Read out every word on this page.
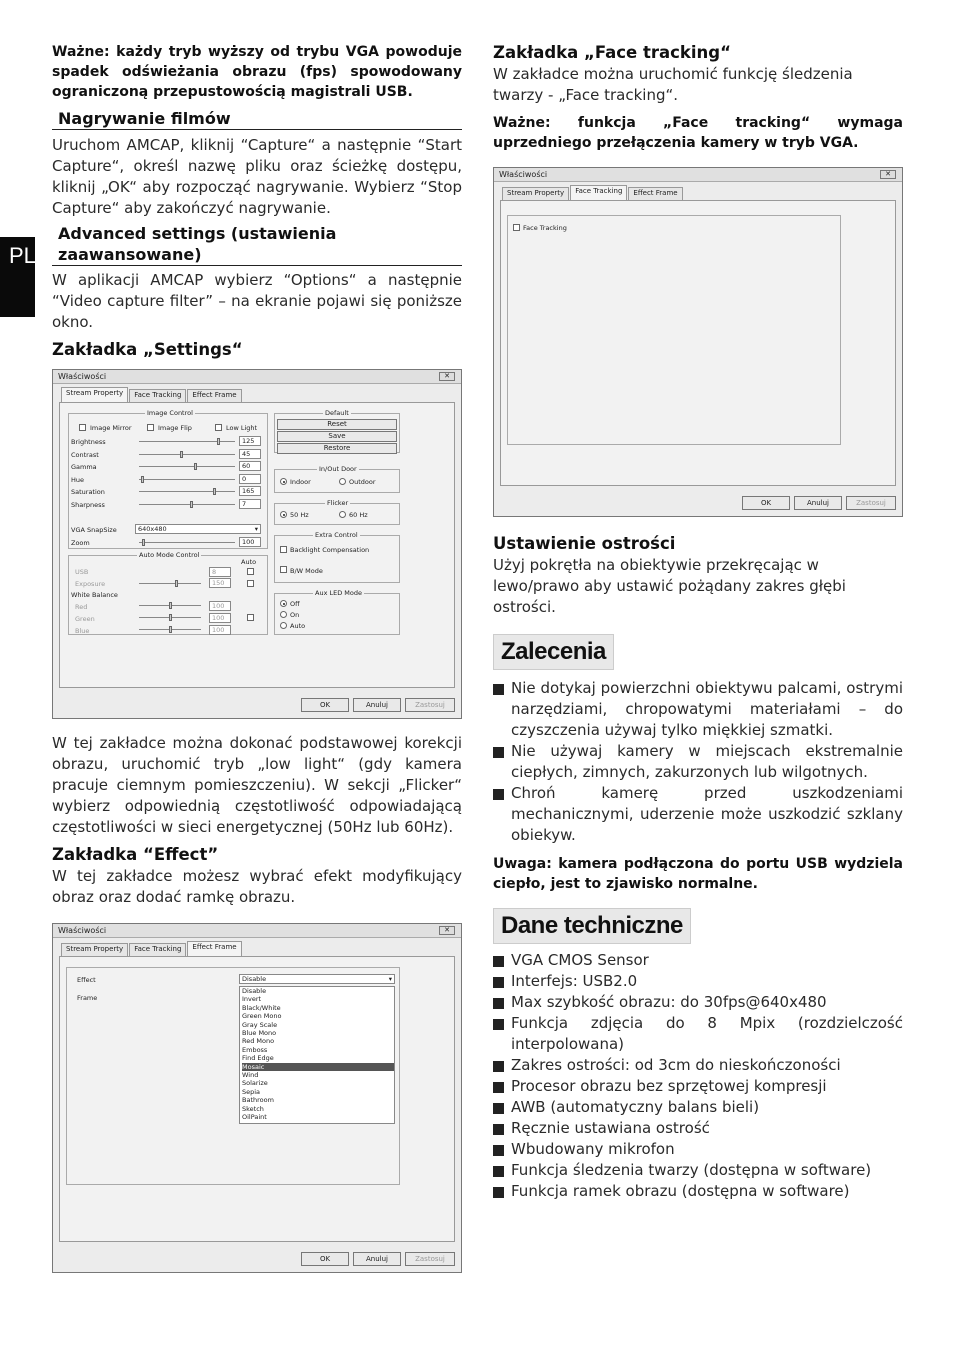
PL

Ważne: każdy tryb wyższy od trybu VGA powoduje spadek odświeżania obrazu (fps) spowodowany ograniczoną przepustowością magistrali USB.

Nagrywanie filmów

Uruchom AMCAP, kliknij “Capture“ a następnie “Start Capture“, określ nazwę pliku oraz ścieżkę dostępu, kliknij „OK“ aby rozpocząć nagrywanie. Wybierz “Stop Capture“ aby zakończyć nagrywanie.

Advanced settings (ustawienia zaawansowane)

W aplikacji AMCAP wybierz “Options“ a następnie “Video capture filter” – na ekranie pojawi się poniższe okno.

Zakładka „Settings“

Właściwości	✕
Stream Property	Face Tracking	Effect Frame
Image Control
Image Mirror	Image Flip	Low Light
Brightness	125
Contrast	45
Gamma	60
Hue	0
Saturation	165
Sharpness	7
VGA SnapSize	640x480	▾
Zoom	100
Default
Reset
Save
Restore
In/Out Door
Indoor	Outdoor
Flicker
50 Hz	60 Hz
Extra Control
Backlight Compensation
B/W Mode
Auto Mode Control
Auto
USB	8
Exposure	150
White Balance
Red	100
Green	100
Blue	100
Aux LED Mode
Off
On
Auto
OK	Anuluj	Zastosuj

W tej zakładce można dokonać podstawowej korekcji obrazu, uruchomić tryb „low light“ (gdy kamera pracuje ciemnym pomieszczeniu). W sekcji „Flicker“ wybierz odpowiednią częstotliwość odpowiadającą częstotliwości w sieci energetycznej (50Hz lub 60Hz).

Zakładka “Effect”

W tej zakładce możesz wybrać efekt modyfikujący obraz oraz dodać ramkę obrazu.

Właściwości	✕
Stream Property	Face Tracking	Effect Frame
Effect
Frame
Disable	▾
Disable
Invert
Black/White
Green Mono
Gray Scale
Blue Mono
Red Mono
Emboss
Find Edge
Mosaic
Wind
Solarize
Sepia
Bathroom
Sketch
OilPaint
OK	Anuluj	Zastosuj

Zakładka „Face tracking“

W zakładce można uruchomić funkcję śledzenia twarzy - „Face tracking“.

Ważne: funkcja „Face tracking“ wymaga uprzedniego przełączenia kamery w tryb VGA.

Właściwości	✕
Stream Property	Face Tracking	Effect Frame
Face Tracking
OK	Anuluj	Zastosuj

Ustawienie ostrości

Użyj pokrętła na obiektywie przekręcając w lewo/prawo aby ustawić pożądany zakres głębi ostrości.

Zalecenia
Nie dotykaj powierzchni obiektywu palcami, ostrymi narzędziami, chropowatymi materiałami – do czyszczenia używaj tylko miękkiej szmatki.
Nie używaj kamery w miejscach ekstremalnie ciepłych, zimnych, zakurzonych lub wilgotnych.
Chroń kamerę przed uszkodzeniami mechanicznymi, uderzenie może uszkodzić szklany obiekyw.

Uwaga: kamera podłączona do portu USB wydziela ciepło, jest to zjawisko normalne.

Dane techniczne
VGA CMOS Sensor
Interfejs: USB2.0
Max szybkość obrazu: do 30fps@640x480
Funkcja zdjęcia do 8 Mpix (rozdzielczość interpolowana)
Zakres ostrości: od 3cm do nieskończoności
Procesor obrazu bez sprzętowej kompresji
AWB (automatyczny balans bieli)
Ręcznie ustawiana ostrość
Wbudowany mikrofon
Funkcja śledzenia twarzy (dostępna w software)
Funkcja ramek obrazu (dostępna w software)
